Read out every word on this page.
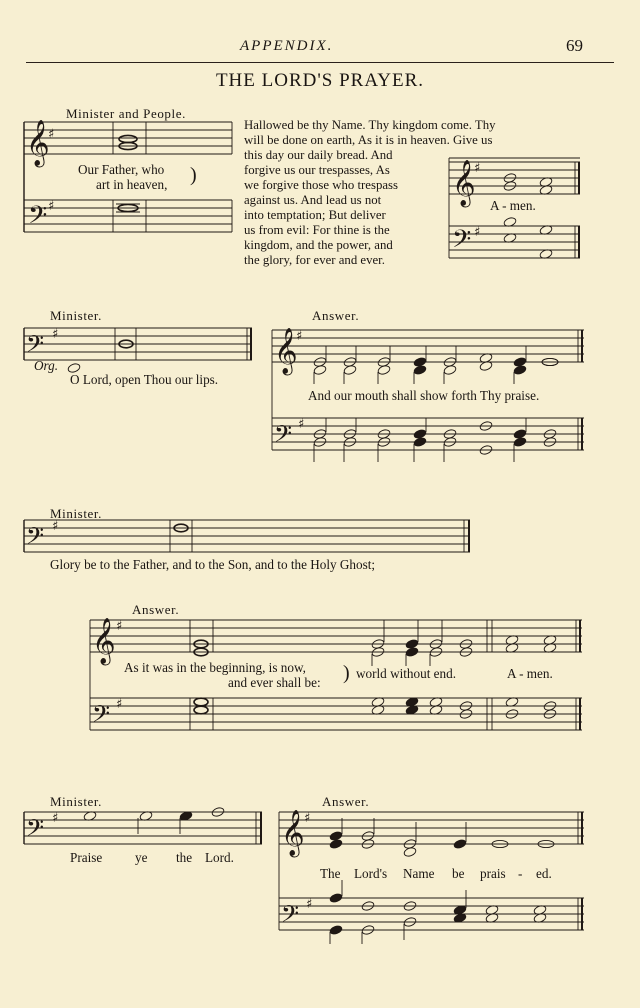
APPENDIX.	69
THE LORD'S PRAYER.
𝄞
𝄢
♯
♯
𝄞
𝄢
♯
♯
𝄢 ♯	𝄞
♯
𝄢 ♯
𝄢 ♯
𝄞 ♯
𝄢 ♯
𝄢 ♯	𝄞 ♯
𝄢 ♯
Minister and People.
Our Father, who
art in heaven,
Hallowed be thy Name. Thy kingdom come. Thy
will be done on earth, As it is in heaven. Give us
this day our daily bread. And
forgive us our trespasses, As
we forgive those who trespass
against us. And lead us not
into temptation; But deliver
us from evil: For thine is the
kingdom, and the power, and
the glory, for ever and ever.
A - men.
Minister.
Org.
O Lord, open Thou our lips.
Answer.
And our mouth shall show forth Thy praise.
Minister.
Glory be to the Father, and to the Son, and to the Holy Ghost;
Answer.
As it was in the beginning, is now,
and ever shall be:
world without end.	A - men.
Minister.
Praise ye the Lord.
Answer.
The Lord's Name be prais - ed.
)
)
